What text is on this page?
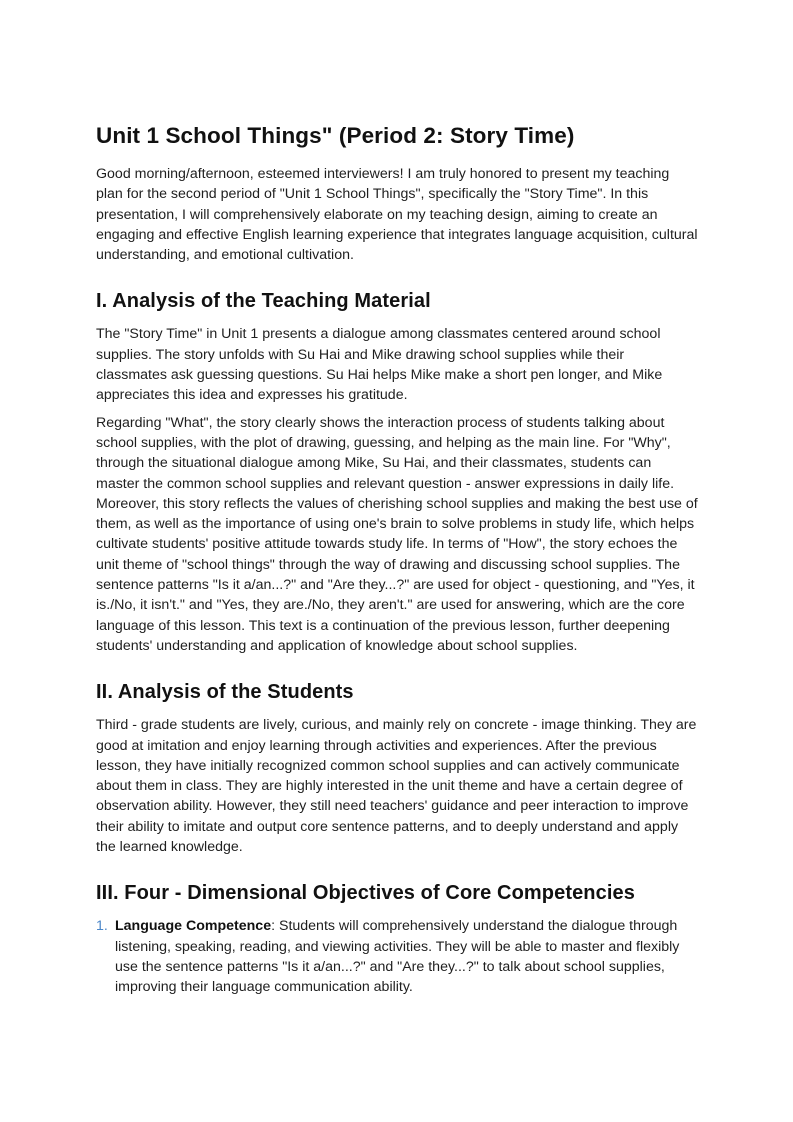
Unit 1 School Things" (Period 2: Story Time)

Good morning/afternoon, esteemed interviewers! I am truly honored to present my teaching plan for the second period of "Unit 1 School Things", specifically the "Story Time". In this presentation, I will comprehensively elaborate on my teaching design, aiming to create an engaging and effective English learning experience that integrates language acquisition, cultural understanding, and emotional cultivation.

I. Analysis of the Teaching Material

The "Story Time" in Unit 1 presents a dialogue among classmates centered around school supplies. The story unfolds with Su Hai and Mike drawing school supplies while their classmates ask guessing questions. Su Hai helps Mike make a short pen longer, and Mike appreciates this idea and expresses his gratitude.

Regarding "What", the story clearly shows the interaction process of students talking about school supplies, with the plot of drawing, guessing, and helping as the main line. For "Why", through the situational dialogue among Mike, Su Hai, and their classmates, students can master the common school supplies and relevant question - answer expressions in daily life. Moreover, this story reflects the values of cherishing school supplies and making the best use of them, as well as the importance of using one's brain to solve problems in study life, which helps cultivate students' positive attitude towards study life. In terms of "How", the story echoes the unit theme of "school things" through the way of drawing and discussing school supplies. The sentence patterns "Is it a/an...?" and "Are they...?" are used for object - questioning, and "Yes, it is./No, it isn't." and "Yes, they are./No, they aren't." are used for answering, which are the core language of this lesson. This text is a continuation of the previous lesson, further deepening students' understanding and application of knowledge about school supplies.

II. Analysis of the Students

Third - grade students are lively, curious, and mainly rely on concrete - image thinking. They are good at imitation and enjoy learning through activities and experiences. After the previous lesson, they have initially recognized common school supplies and can actively communicate about them in class. They are highly interested in the unit theme and have a certain degree of observation ability. However, they still need teachers' guidance and peer interaction to improve their ability to imitate and output core sentence patterns, and to deeply understand and apply the learned knowledge.

III. Four - Dimensional Objectives of Core Competencies
1. Language Competence: Students will comprehensively understand the dialogue through listening, speaking, reading, and viewing activities. They will be able to master and flexibly use the sentence patterns "Is it a/an...?" and "Are they...?" to talk about school supplies, improving their language communication ability.
